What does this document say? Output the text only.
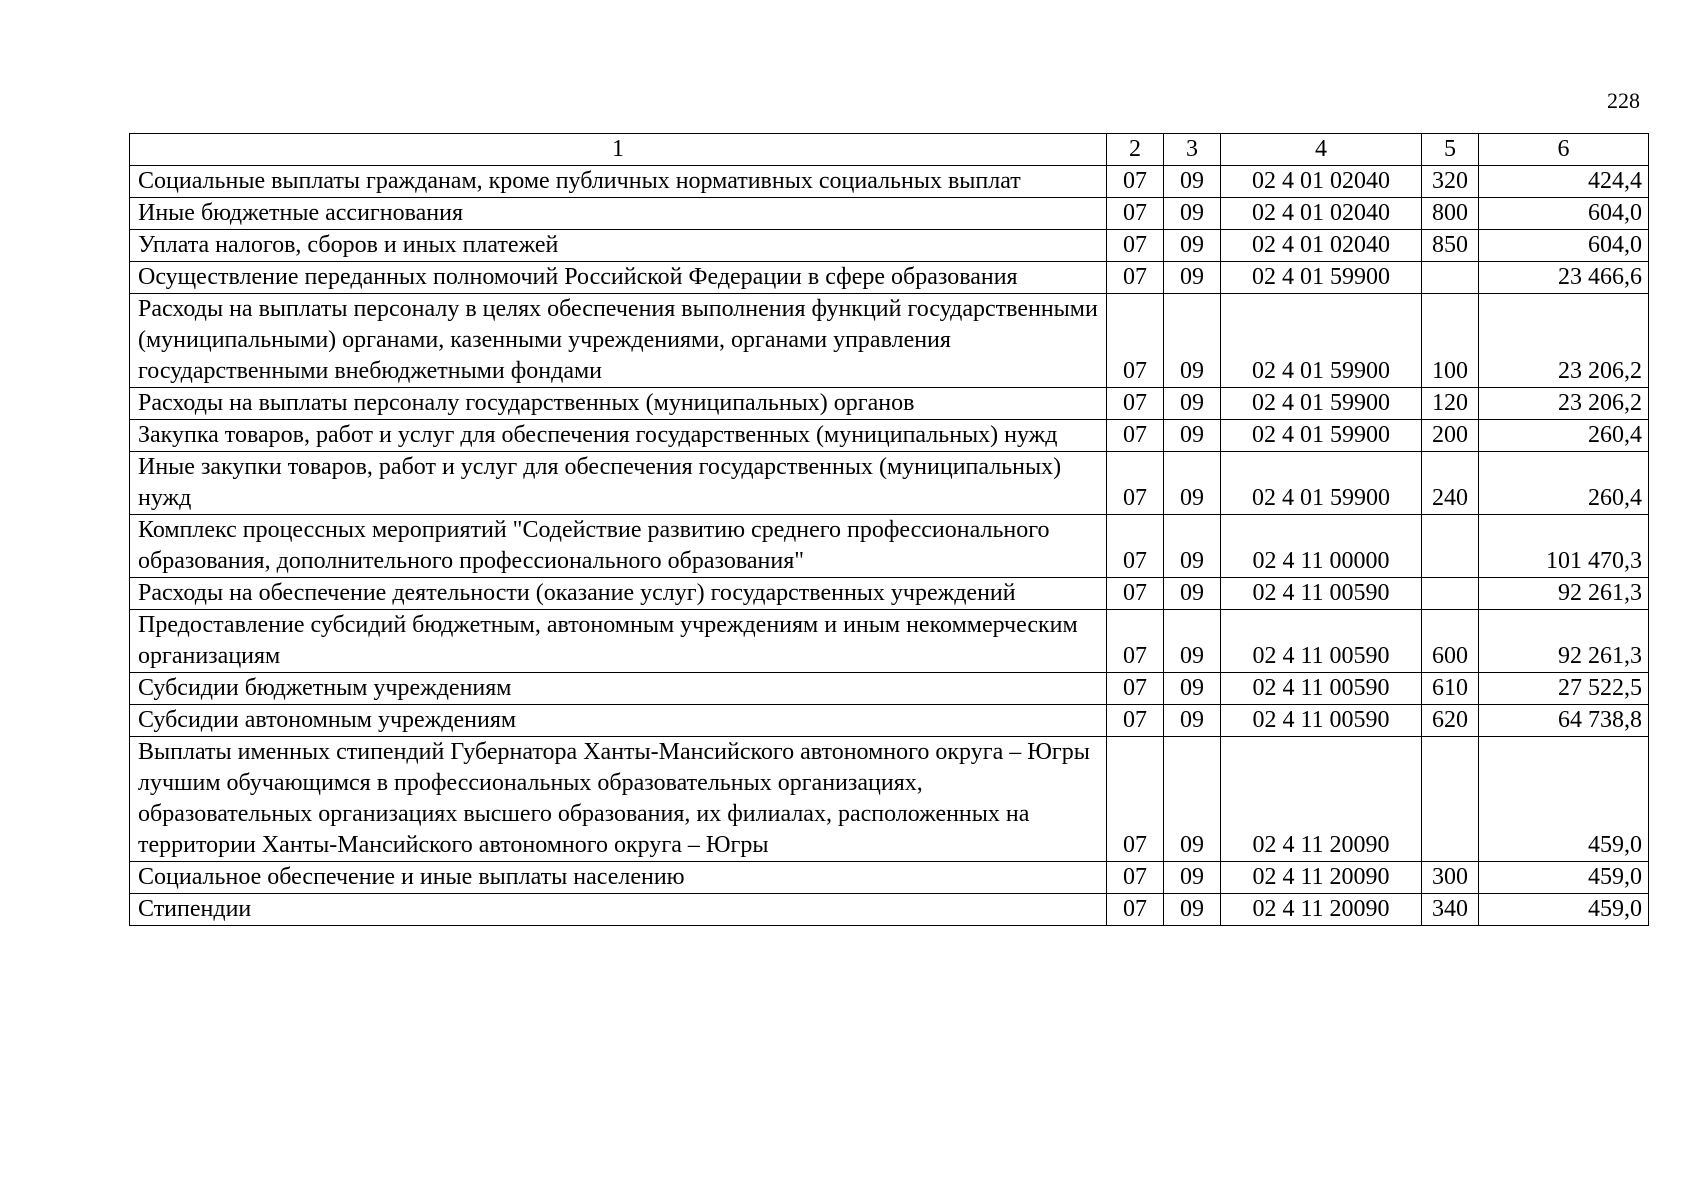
228
1	2	3	4	5	6
Социальные выплаты гражданам, кроме публичных нормативных социальных выплат	07	09	02 4 01 02040	320	424,4
Иные бюджетные ассигнования	07	09	02 4 01 02040	800	604,0
Уплата налогов, сборов и иных платежей	07	09	02 4 01 02040	850	604,0
Осуществление переданных полномочий Российской Федерации в сфере образования	07	09	02 4 01 59900		23 466,6
Расходы на выплаты персоналу в целях обеспечения выполнения функций государственными (муниципальными) органами, казенными учреждениями, органами управления государственными внебюджетными фондами	07	09	02 4 01 59900	100	23 206,2
Расходы на выплаты персоналу государственных (муниципальных) органов	07	09	02 4 01 59900	120	23 206,2
Закупка товаров, работ и услуг для обеспечения государственных (муниципальных) нужд	07	09	02 4 01 59900	200	260,4
Иные закупки товаров, работ и услуг для обеспечения государственных (муниципальных) нужд	07	09	02 4 01 59900	240	260,4
Комплекс процессных мероприятий "Содействие развитию среднего профессионального образования, дополнительного профессионального образования"	07	09	02 4 11 00000		101 470,3
Расходы на обеспечение деятельности (оказание услуг) государственных учреждений	07	09	02 4 11 00590		92 261,3
Предоставление субсидий бюджетным, автономным учреждениям и иным некоммерческим организациям	07	09	02 4 11 00590	600	92 261,3
Субсидии бюджетным учреждениям	07	09	02 4 11 00590	610	27 522,5
Субсидии автономным учреждениям	07	09	02 4 11 00590	620	64 738,8
Выплаты именных стипендий Губернатора Ханты-Мансийского автономного округа – Югры лучшим обучающимся в профессиональных образовательных организациях, образовательных организациях высшего образования, их филиалах, расположенных на территории Ханты-Мансийского автономного округа – Югры	07	09	02 4 11 20090		459,0
Социальное обеспечение и иные выплаты населению	07	09	02 4 11 20090	300	459,0
Стипендии	07	09	02 4 11 20090	340	459,0
